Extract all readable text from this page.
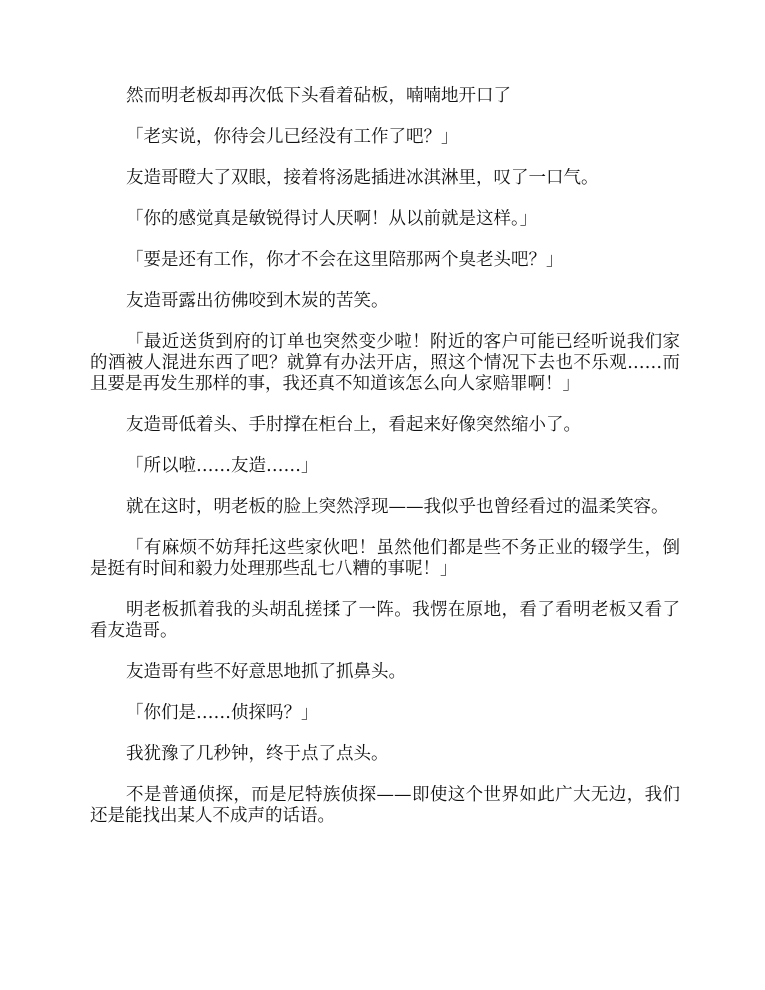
然而明老板却再次低下头看着砧板，喃喃地开口了

「老实说，你待会儿已经没有工作了吧？」

友造哥瞪大了双眼，接着将汤匙插进冰淇淋里，叹了一口气。

「你的感觉真是敏锐得讨人厌啊！从以前就是这样。」

「要是还有工作，你才不会在这里陪那两个臭老头吧？」

友造哥露出彷佛咬到木炭的苦笑。

「最近送货到府的订单也突然变少啦！附近的客户可能已经听说我们家的酒被人混进东西了吧？就算有办法开店，照这个情况下去也不乐观……而且要是再发生那样的事，我还真不知道该怎么向人家赔罪啊！」

友造哥低着头、手肘撑在柜台上，看起来好像突然缩小了。

「所以啦……友造……」

就在这时，明老板的脸上突然浮现——我似乎也曾经看过的温柔笑容。

「有麻烦不妨拜托这些家伙吧！虽然他们都是些不务正业的辍学生，倒是挺有时间和毅力处理那些乱七八糟的事呢！」

明老板抓着我的头胡乱搓揉了一阵。我愣在原地，看了看明老板又看了看友造哥。

友造哥有些不好意思地抓了抓鼻头。

「你们是……侦探吗？」

我犹豫了几秒钟，终于点了点头。

不是普通侦探，而是尼特族侦探——即使这个世界如此广大无边，我们还是能找出某人不成声的话语。
